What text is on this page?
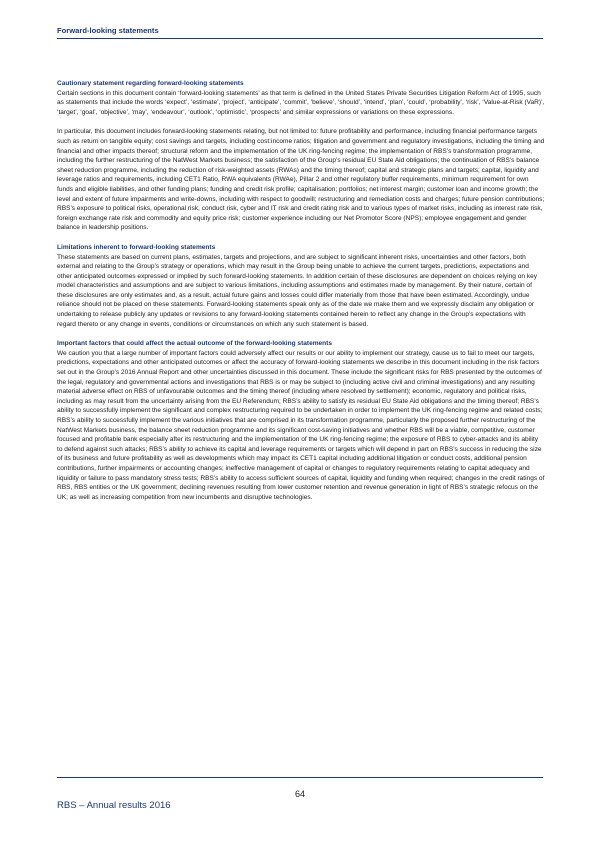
Forward-looking statements

Cautionary statement regarding forward-looking statements

Certain sections in this document contain ‘forward-looking statements’ as that term is defined in the United States Private Securities Litigation Reform Act of 1995, such as statements that include the words ‘expect’, ‘estimate’, ‘project’, ‘anticipate’, ‘commit’, ‘believe’, ‘should’, ‘intend’, ‘plan’, ‘could’, ‘probability’, ‘risk’, ‘Value-at-Risk (VaR)’, ‘target’, ‘goal’, ‘objective’, ‘may’, ‘endeavour’, ‘outlook’, ‘optimistic’, ‘prospects’ and similar expressions or variations on these expressions.

In particular, this document includes forward-looking statements relating, but not limited to: future profitability and performance, including financial performance targets such as return on tangible equity; cost savings and targets, including cost:income ratios; litigation and government and regulatory investigations, including the timing and financial and other impacts thereof; structural reform and the implementation of the UK ring-fencing regime; the implementation of RBS’s transformation programme, including the further restructuring of the NatWest Markets business; the satisfaction of the Group’s residual EU State Aid obligations; the continuation of RBS’s balance sheet reduction programme, including the reduction of risk-weighted assets (RWAs) and the timing thereof; capital and strategic plans and targets; capital, liquidity and leverage ratios and requirements, including CET1 Ratio, RWA equivalents (RWAe), Pillar 2 and other regulatory buffer requirements, minimum requirement for own funds and eligible liabilities, and other funding plans; funding and credit risk profile; capitalisation; portfolios; net interest margin; customer loan and income growth; the level and extent of future impairments and write-downs, including with respect to goodwill; restructuring and remediation costs and charges; future pension contributions; RBS’s exposure to political risks, operational risk, conduct risk, cyber and IT risk and credit rating risk and to various types of market risks, including as interest rate risk, foreign exchange rate risk and commodity and equity price risk; customer experience including our Net Promotor Score (NPS); employee engagement and gender balance in leadership positions.

Limitations inherent to forward-looking statements

These statements are based on current plans, estimates, targets and projections, and are subject to significant inherent risks, uncertainties and other factors, both external and relating to the Group’s strategy or operations, which may result in the Group being unable to achieve the current targets, predictions, expectations and other anticipated outcomes expressed or implied by such forward-looking statements. In addition certain of these disclosures are dependent on choices relying on key model characteristics and assumptions and are subject to various limitations, including assumptions and estimates made by management. By their nature, certain of these disclosures are only estimates and, as a result, actual future gains and losses could differ materially from those that have been estimated. Accordingly, undue reliance should not be placed on these statements. Forward-looking statements speak only as of the date we make them and we expressly disclaim any obligation or undertaking to release publicly any updates or revisions to any forward-looking statements contained herein to reflect any change in the Group’s expectations with regard thereto or any change in events, conditions or circumstances on which any such statement is based.

Important factors that could affect the actual outcome of the forward-looking statements

We caution you that a large number of important factors could adversely affect our results or our ability to implement our strategy, cause us to fail to meet our targets, predictions, expectations and other anticipated outcomes or affect the accuracy of forward-looking statements we describe in this document including in the risk factors set out in the Group’s 2016 Annual Report and other uncertainties discussed in this document. These include the significant risks for RBS presented by the outcomes of the legal, regulatory and governmental actions and investigations that RBS is or may be subject to (including active civil and criminal investigations) and any resulting material adverse effect on RBS of unfavourable outcomes and the timing thereof (including where resolved by settlement); economic, regulatory and political risks, including as may result from the uncertainty arising from the EU Referendum; RBS’s ability to satisfy its residual EU State Aid obligations and the timing thereof; RBS’s ability to successfully implement the significant and complex restructuring required to be undertaken in order to implement the UK ring-fencing regime and related costs; RBS’s ability to successfully implement the various initiatives that are comprised in its transformation programme, particularly the proposed further restructuring of the NatWest Markets business, the balance sheet reduction programme and its significant cost-saving initiatives and whether RBS will be a viable, competitive, customer focused and profitable bank especially after its restructuring and the implementation of the UK ring-fencing regime; the exposure of RBS to cyber-attacks and its ability to defend against such attacks; RBS’s ability to achieve its capital and leverage requirements or targets which will depend in part on RBS’s success in reducing the size of its business and future profitability as well as developments which may impact its CET1 capital including additional litigation or conduct costs, additional pension contributions, further impairments or accounting changes; ineffective management of capital or changes to regulatory requirements relating to capital adequacy and liquidity or failure to pass mandatory stress tests; RBS’s ability to access sufficient sources of capital, liquidity and funding when required; changes in the credit ratings of RBS, RBS entities or the UK government; declining revenues resulting from lower customer retention and revenue generation in light of RBS’s strategic refocus on the UK; as well as increasing competition from new incumbents and disruptive technologies.

64
RBS – Annual results 2016
